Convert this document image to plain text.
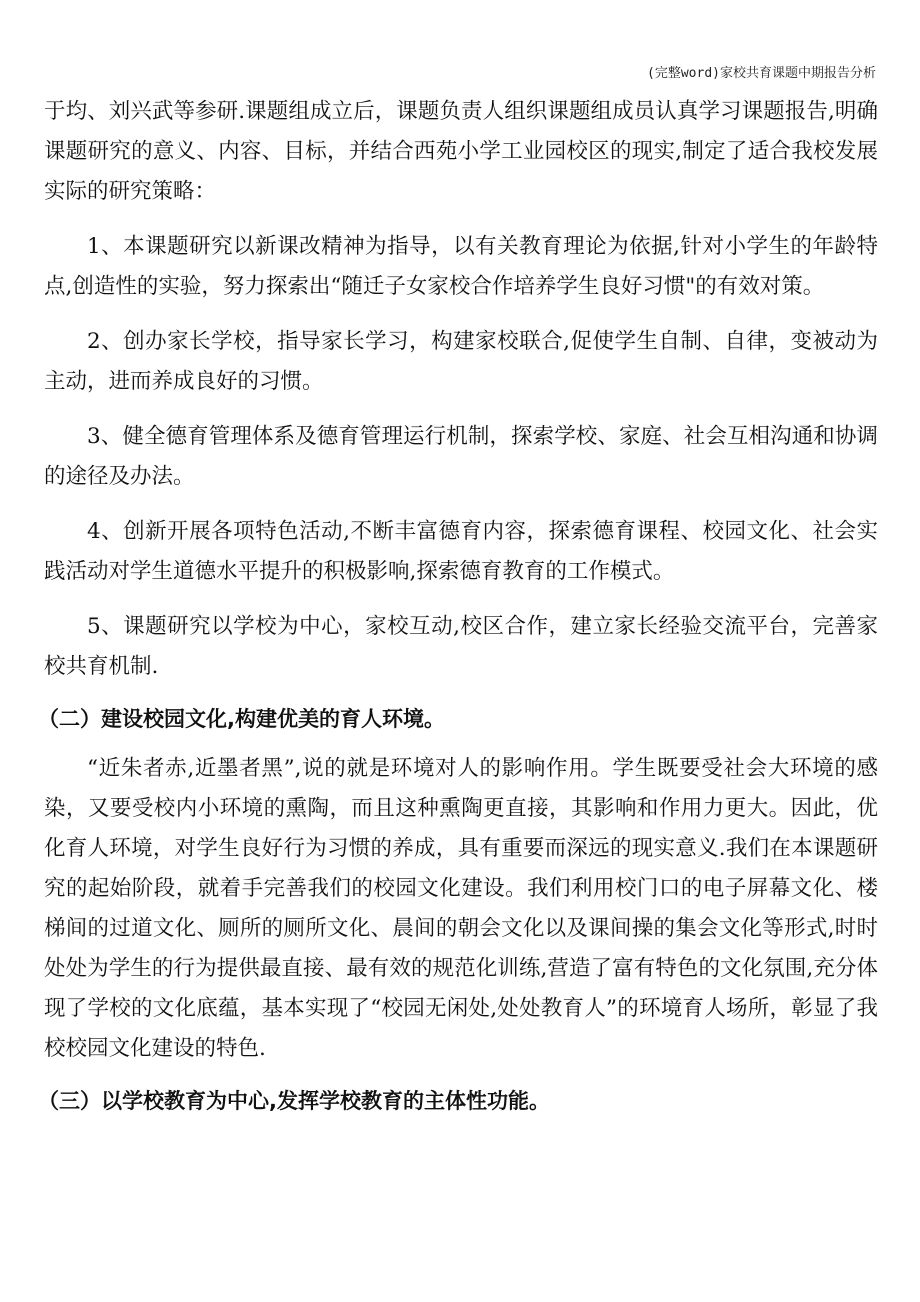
(完整word)家校共育课题中期报告分析

于均、刘兴武等参研.课题组成立后，课题负责人组织课题组成员认真学习课题报告,明确课题研究的意义、内容、目标，并结合西苑小学工业园校区的现实,制定了适合我校发展实际的研究策略：

1、本课题研究以新课改精神为指导，以有关教育理论为依据,针对小学生的年龄特点,创造性的实验，努力探索出“随迁子女家校合作培养学生良好习惯"的有效对策。

2、创办家长学校，指导家长学习，构建家校联合,促使学生自制、自律，变被动为主动，进而养成良好的习惯。

3、健全德育管理体系及德育管理运行机制，探索学校、家庭、社会互相沟通和协调的途径及办法。

4、创新开展各项特色活动,不断丰富德育内容，探索德育课程、校园文化、社会实践活动对学生道德水平提升的积极影响,探索德育教育的工作模式。

5、课题研究以学校为中心，家校互动,校区合作，建立家长经验交流平台，完善家校共育机制.

（二）建设校园文化,构建优美的育人环境。

“近朱者赤,近墨者黑”,说的就是环境对人的影响作用。学生既要受社会大环境的感染，又要受校内小环境的熏陶，而且这种熏陶更直接，其影响和作用力更大。因此，优化育人环境，对学生良好行为习惯的养成，具有重要而深远的现实意义.我们在本课题研究的起始阶段，就着手完善我们的校园文化建设。我们利用校门口的电子屏幕文化、楼梯间的过道文化、厕所的厕所文化、晨间的朝会文化以及课间操的集会文化等形式,时时处处为学生的行为提供最直接、最有效的规范化训练,营造了富有特色的文化氛围,充分体现了学校的文化底蕴，基本实现了“校园无闲处,处处教育人”的环境育人场所，彰显了我校校园文化建设的特色.

（三）以学校教育为中心,发挥学校教育的主体性功能。
